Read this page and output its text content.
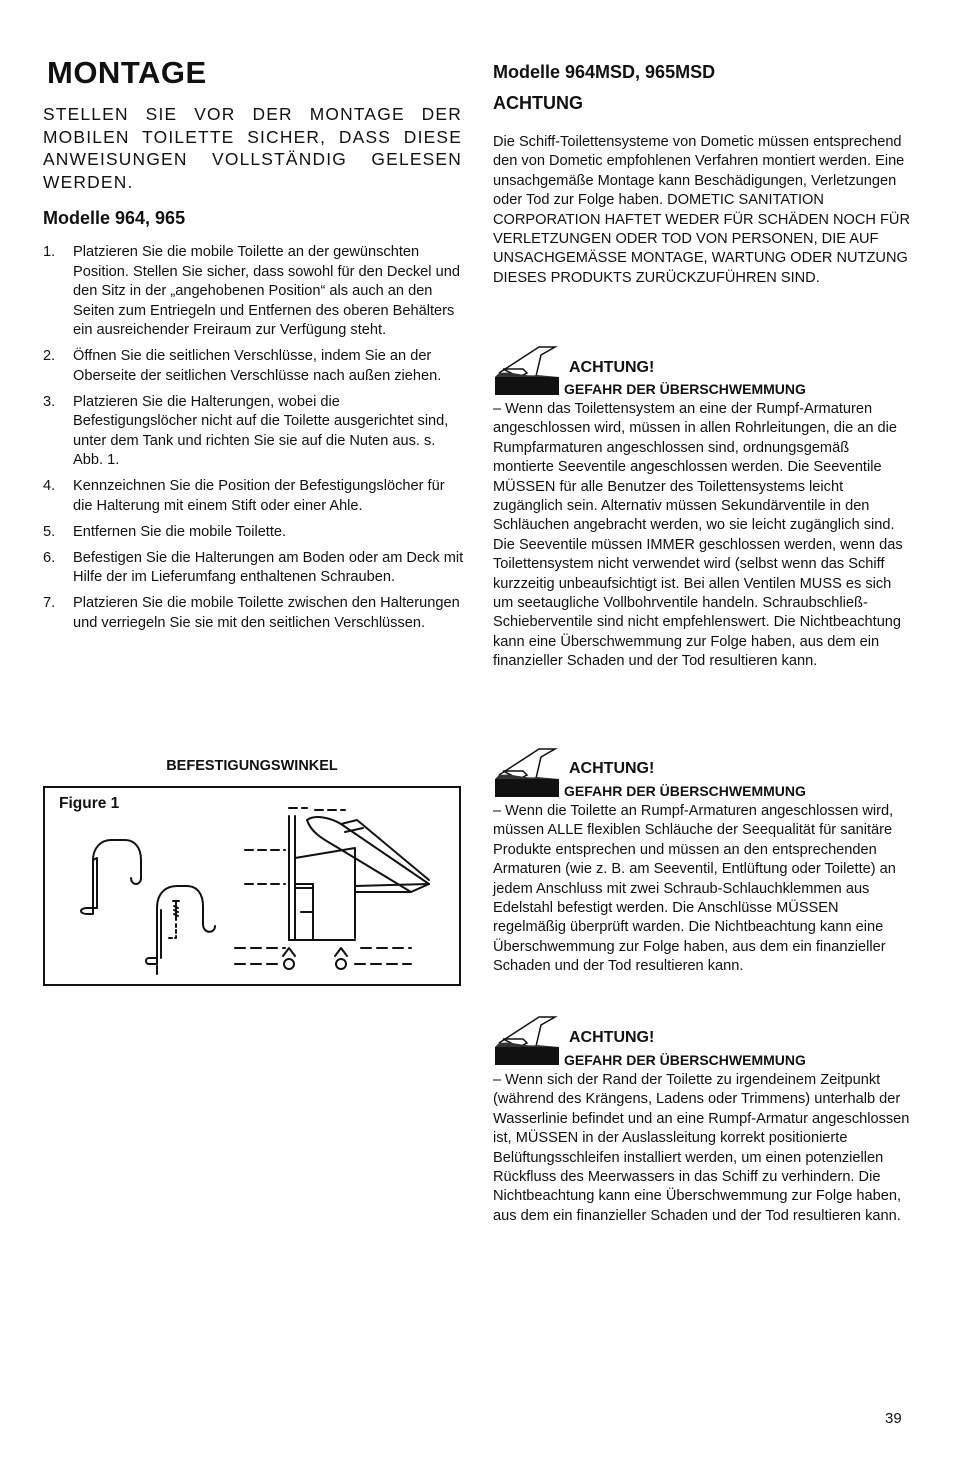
MONTAGE

STELLEN SIE VOR DER MONTAGE DER MOBILEN TOILETTE SICHER, DASS DIESE ANWEISUNGEN VOLLSTÄNDIG GELESEN WERDEN.

Modelle 964, 965
1. Platzieren Sie die mobile Toilette an der gewünschten Position. Stellen Sie sicher, dass sowohl für den Deckel und den Sitz in der „angehobenen Position“ als auch an den Seiten zum Entriegeln und Entfernen des oberen Behälters ein ausreichender Freiraum zur Verfügung steht.
2. Öffnen Sie die seitlichen Verschlüsse, indem Sie an der Oberseite der seitlichen Verschlüsse nach außen ziehen.
3. Platzieren Sie die Halterungen, wobei die Befestigungslöcher nicht auf die Toilette ausgerichtet sind, unter dem Tank und richten Sie sie auf die Nuten aus. s. Abb. 1.
4. Kennzeichnen Sie die Position der Befestigungslöcher für die Halterung mit einem Stift oder einer Ahle.
5. Entfernen Sie die mobile Toilette.
6. Befestigen Sie die Halterungen am Boden oder am Deck mit Hilfe der im Lieferumfang enthaltenen Schrauben.
7. Platzieren Sie die mobile Toilette zwischen den Halterungen und verriegeln Sie sie mit den seitlichen Verschlüssen.
BEFESTIGUNGSWINKEL
Figure 1
Modelle 964MSD, 965MSD
ACHTUNG

Die Schiff-Toilettensysteme von Dometic müssen entsprechend den von Dometic empfohlenen Verfahren montiert werden. Eine unsachgemäße Montage kann Beschädigungen, Verletzungen oder Tod zur Folge haben. DOMETIC SANITATION CORPORATION HAFTET WEDER FÜR SCHÄDEN NOCH FÜR VERLETZUNGEN ODER TOD VON PERSONEN, DIE AUF UNSACHGEMÄSSE MONTAGE, WARTUNG ODER NUTZUNG DIESES PRODUKTS ZURÜCKZUFÜHREN SIND.

ACHTUNG!
GEFAHR DER ÜBERSCHWEMMUNG

– Wenn das Toilettensystem an eine der Rumpf-Armaturen angeschlossen wird, müssen in allen Rohrleitungen, die an die Rumpfarmaturen angeschlossen sind, ordnungsgemäß montierte Seeventile angeschlossen werden. Die Seeventile MÜSSEN für alle Benutzer des Toilettensystems leicht zugänglich sein. Alternativ müssen Sekundärventile in den Schläuchen angebracht werden, wo sie leicht zugänglich sind. Die Seeventile müssen IMMER geschlossen werden, wenn das Toilettensystem nicht verwendet wird (selbst wenn das Schiff kurzzeitig unbeaufsichtigt ist. Bei allen Ventilen MUSS es sich um seetaugliche Vollbohrventile handeln. Schraubschließ-Schieberventile sind nicht empfehlenswert. Die Nichtbeachtung kann eine Überschwemmung zur Folge haben, aus dem ein finanzieller Schaden und der Tod resultieren kann.

ACHTUNG!
GEFAHR DER ÜBERSCHWEMMUNG

– Wenn die Toilette an Rumpf-Armaturen angeschlossen wird, müssen ALLE flexiblen Schläuche der Seequalität für sanitäre Produkte entsprechen und müssen an den entsprechenden Armaturen (wie z. B. am Seeventil, Entlüftung oder Toilette) an jedem Anschluss mit zwei Schraub-Schlauchklemmen aus Edelstahl befestigt werden. Die Anschlüsse MÜSSEN regelmäßig überprüft warden. Die Nichtbeachtung kann eine Überschwemmung zur Folge haben, aus dem ein finanzieller Schaden und der Tod resultieren kann.

ACHTUNG!
GEFAHR DER ÜBERSCHWEMMUNG

– Wenn sich der Rand der Toilette zu irgendeinem Zeitpunkt (während des Krängens, Ladens oder Trimmens) unterhalb der Wasserlinie befindet und an eine Rumpf-Armatur angeschlossen ist, MÜSSEN in der Auslassleitung korrekt positionierte Belüftungsschleifen installiert werden, um einen potenziellen Rückfluss des Meerwassers in das Schiff zu verhindern. Die Nichtbeachtung kann eine Überschwemmung zur Folge haben, aus dem ein finanzieller Schaden und der Tod resultieren kann.

39
